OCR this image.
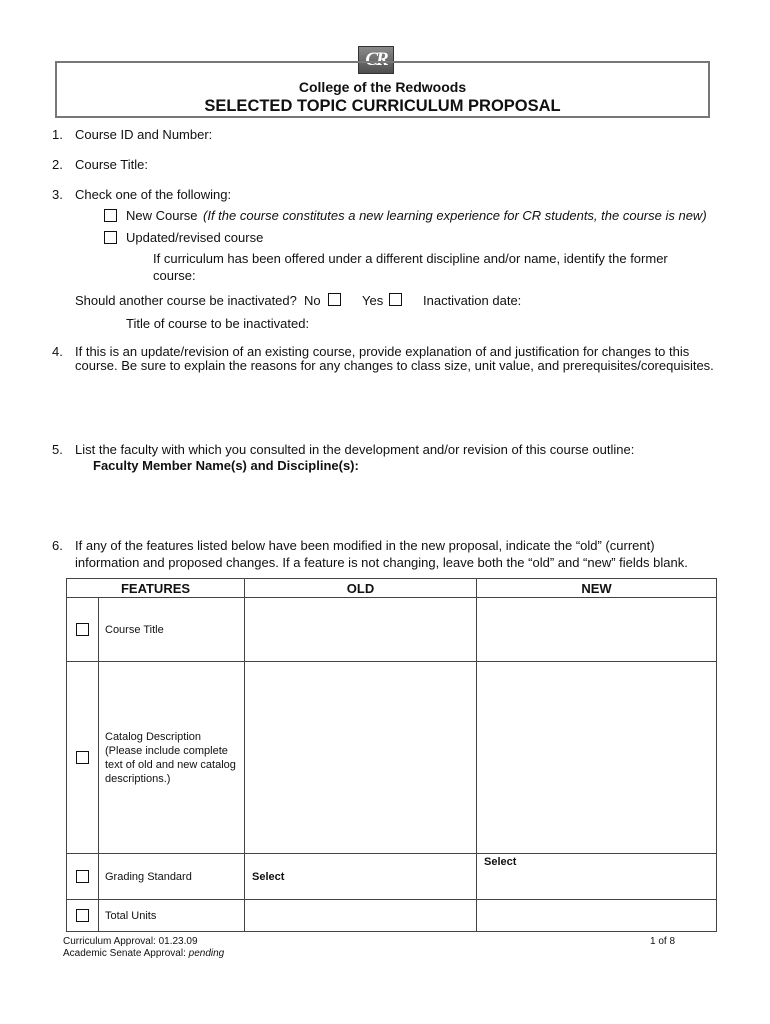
CR
College of the Redwoods
SELECTED TOPIC CURRICULUM PROPOSAL
1. Course ID and Number:
2. Course Title:
3. Check one of the following:
New Course (If the course constitutes a new learning experience for CR students, the course is new)
Updated/revised course
If curriculum has been offered under a different discipline and/or name, identify the former
course:
Should another course be inactivated? No	Yes	Inactivation date:
Title of course to be inactivated:
4. If this is an update/revision of an existing course, provide explanation of and justification for changes to this
course. Be sure to explain the reasons for any changes to class size, unit value, and prerequisites/corequisites.
5. List the faculty with which you consulted in the development and/or revision of this course outline:
Faculty Member Name(s) and Discipline(s):
6. If any of the features listed below have been modified in the new proposal, indicate the “old” (current)
information and proposed changes. If a feature is not changing, leave both the “old” and “new” fields blank.
FEATURES		OLD	NEW
	Course Title		

	Catalog Description
(Please include complete
text of old and new catalog
descriptions.)		

	Grading Standard	Select	Select
	Total Units		
Curriculum Approval: 01.23.09
Academic Senate Approval: pending
1 of 8
